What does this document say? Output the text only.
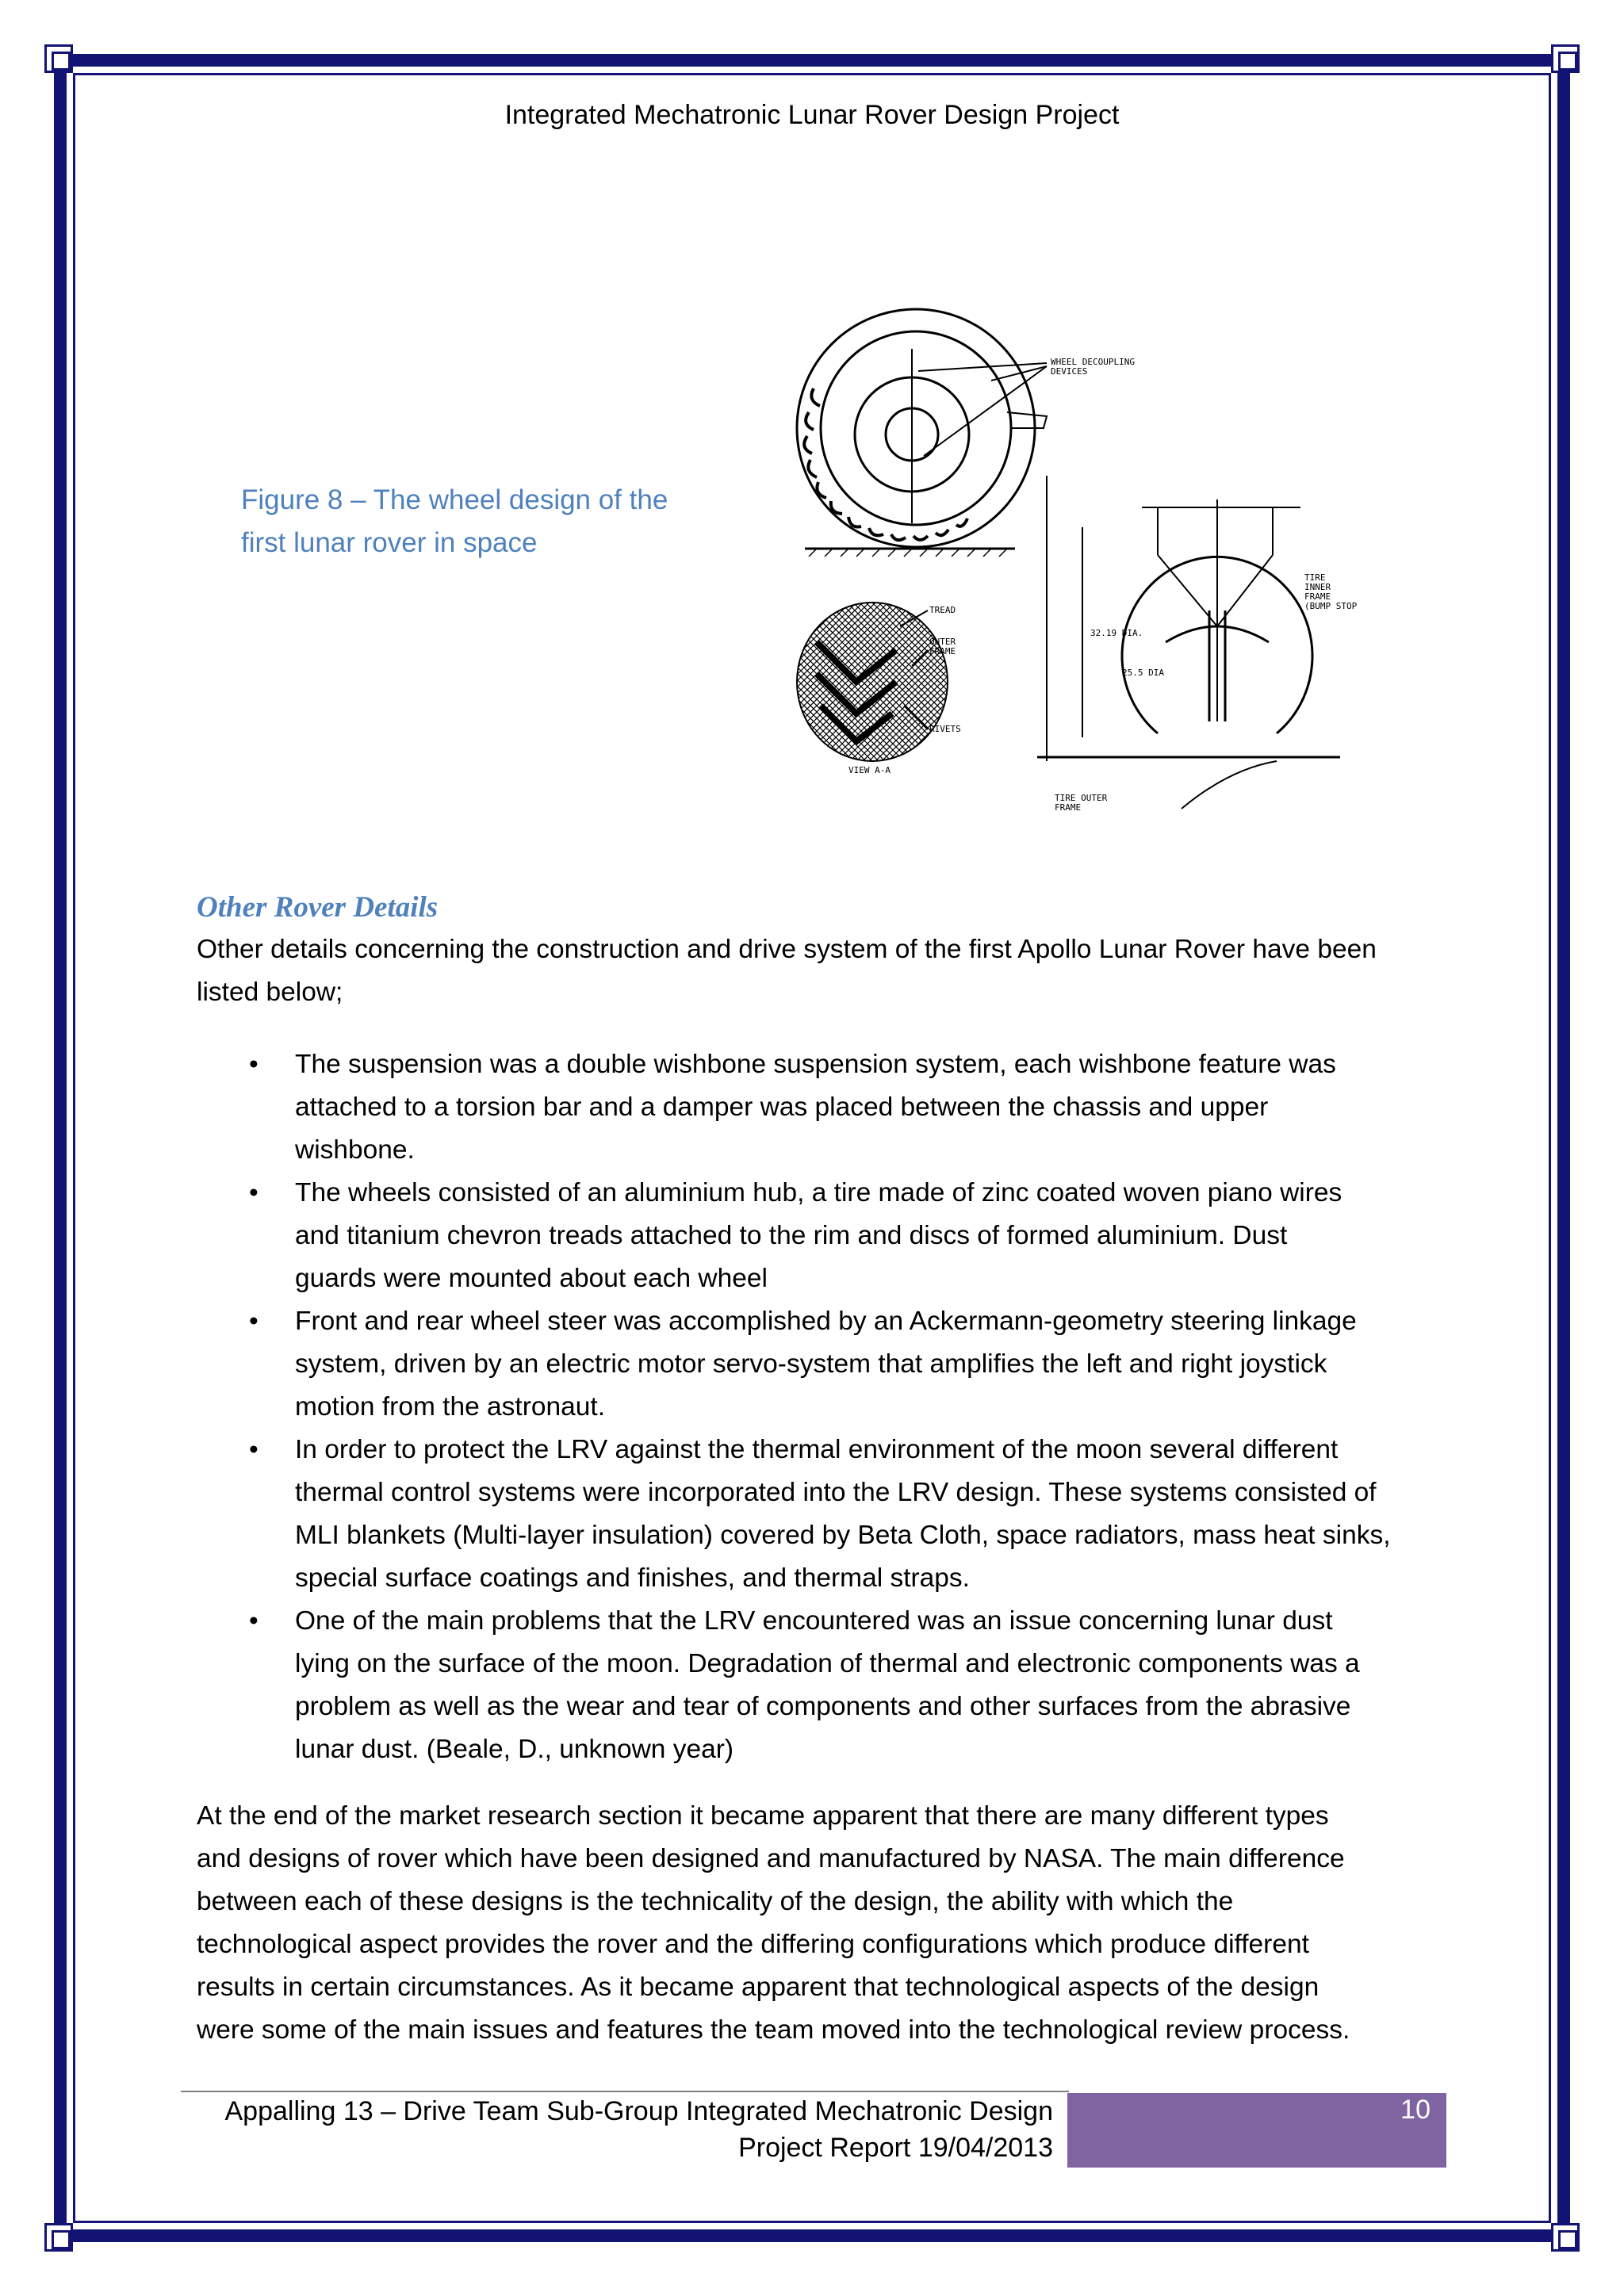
Integrated Mechatronic Lunar Rover Design Project
Figure 8 – The wheel design of the
first lunar rover in space
WHEEL DECOUPLING
DEVICES
TREAD
OUTER
FRAME
RIVETS
VIEW A-A
32.19 DIA.
25.5 DIA
TIRE
INNER
FRAME
(BUMP STOP
TIRE OUTER
FRAME
Other Rover Details
Other details concerning the construction and drive system of the first Apollo Lunar Rover have been
listed below;
• The suspension was a double wishbone suspension system, each wishbone feature was
attached to a torsion bar and a damper was placed between the chassis and upper
wishbone.
• The wheels consisted of an aluminium hub, a tire made of zinc coated woven piano wires
and titanium chevron treads attached to the rim and discs of formed aluminium. Dust
guards were mounted about each wheel
• Front and rear wheel steer was accomplished by an Ackermann-geometry steering linkage
system, driven by an electric motor servo-system that amplifies the left and right joystick
motion from the astronaut.
• In order to protect the LRV against the thermal environment of the moon several different
thermal control systems were incorporated into the LRV design. These systems consisted of
MLI blankets (Multi-layer insulation) covered by Beta Cloth, space radiators, mass heat sinks,
special surface coatings and finishes, and thermal straps.
• One of the main problems that the LRV encountered was an issue concerning lunar dust
lying on the surface of the moon. Degradation of thermal and electronic components was a
problem as well as the wear and tear of components and other surfaces from the abrasive
lunar dust. (Beale, D., unknown year)
At the end of the market research section it became apparent that there are many different types
and designs of rover which have been designed and manufactured by NASA. The main difference
between each of these designs is the technicality of the design, the ability with which the
technological aspect provides the rover and the differing configurations which produce different
results in certain circumstances. As it became apparent that technological aspects of the design
were some of the main issues and features the team moved into the technological review process.
Appalling 13 – Drive Team Sub-Group Integrated Mechatronic Design
Project Report 19/04/2013
10
